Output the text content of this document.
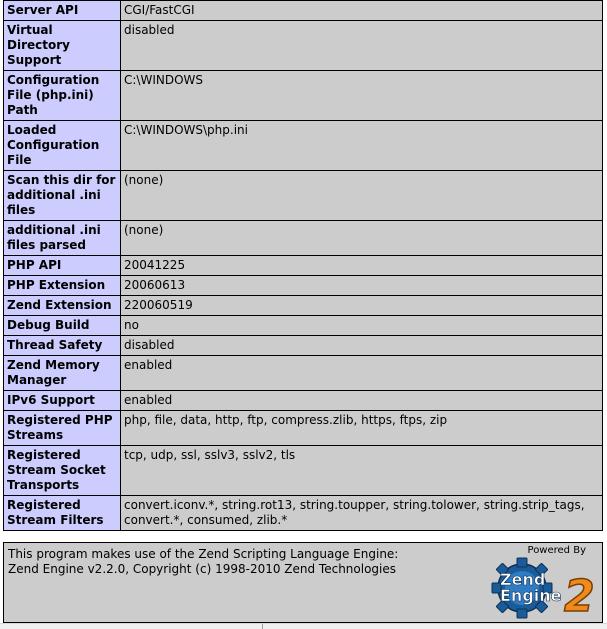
Server API	CGI/FastCGI
Virtual Directory Support	disabled
Configuration File (php.ini) Path	C:\WINDOWS
Loaded Configuration File	C:\WINDOWS\php.ini
Scan this dir for additional .ini files	(none)
additional .ini files parsed	(none)
PHP API	20041225
PHP Extension	20060613
Zend Extension	220060519
Debug Build	no
Thread Safety	disabled
Zend Memory Manager	enabled
IPv6 Support	enabled
Registered PHP Streams	php, file, data, http, ftp, compress.zlib, https, ftps, zip
Registered Stream Socket Transports	tcp, udp, ssl, sslv3, sslv2, tls
Registered Stream Filters	convert.iconv.*, string.rot13, string.toupper, string.tolower, string.strip_tags, convert.*, consumed, zlib.*
This program makes use of the Zend Scripting Language Engine:
Zend Engine v2.2.0, Copyright (c) 1998-2010 Zend Technologies
Powered By
2
Zend
Engine
